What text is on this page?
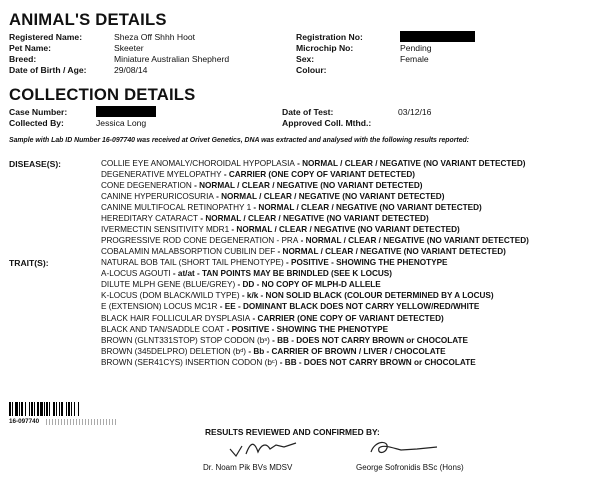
ANIMAL'S DETAILS
Registered Name:	Sheza Off Shhh Hoot
Pet Name:	Skeeter
Breed:	Miniature Australian Shepherd
Date of Birth / Age:	29/08/14
Registration No:
Microchip No:	Pending
Sex:	Female
Colour:
COLLECTION DETAILS
Case Number:
Collected By:	Jessica Long
Date of Test:	03/12/16
Approved Coll. Mthd.:
Sample with Lab ID Number 16-097740 was received at Orivet Genetics, DNA was extracted and analysed with the following results reported:
DISEASE(S):	COLLIE EYE ANOMALY/CHOROIDAL HYPOPLASIA - NORMAL / CLEAR / NEGATIVE (NO VARIANT DETECTED)
DEGENERATIVE MYELOPATHY - CARRIER (ONE COPY OF VARIANT DETECTED)
CONE DEGENERATION - NORMAL / CLEAR / NEGATIVE (NO VARIANT DETECTED)
CANINE HYPERURICOSURIA - NORMAL / CLEAR / NEGATIVE (NO VARIANT DETECTED)
CANINE MULTIFOCAL RETINOPATHY 1 - NORMAL / CLEAR / NEGATIVE (NO VARIANT DETECTED)
HEREDITARY CATARACT - NORMAL / CLEAR / NEGATIVE (NO VARIANT DETECTED)
IVERMECTIN SENSITIVITY MDR1 - NORMAL / CLEAR / NEGATIVE (NO VARIANT DETECTED)
PROGRESSIVE ROD CONE DEGENERATION - PRA - NORMAL / CLEAR / NEGATIVE (NO VARIANT DETECTED)
COBALAMIN MALABSORPTION CUBILIN DEF - NORMAL / CLEAR / NEGATIVE (NO VARIANT DETECTED)
TRAIT(S):	NATURAL BOB TAIL (SHORT TAIL PHENOTYPE) - POSITIVE - SHOWING THE PHENOTYPE
A-LOCUS AGOUTI - at/at - TAN POINTS MAY BE BRINDLED (SEE K LOCUS)
DILUTE MLPH GENE (BLUE/GREY) - DD - NO COPY OF MLPH-D ALLELE
K-LOCUS (DOM BLACK/WILD TYPE) - k/k - NON SOLID BLACK (COLOUR DETERMINED BY A LOCUS)
E (EXTENSION) LOCUS MC1R - EE - DOMINANT BLACK DOES NOT CARRY YELLOW/RED/WHITE
BLACK HAIR FOLLICULAR DYSPLASIA - CARRIER (ONE COPY OF VARIANT DETECTED)
BLACK AND TAN/SADDLE COAT - POSITIVE - SHOWING THE PHENOTYPE
BROWN (GLNT331STOP) STOP CODON (bˢ) - BB - DOES NOT CARRY BROWN or CHOCOLATE
BROWN (345DELPRO) DELETION (bᵈ) - Bb - CARRIER OF BROWN / LIVER / CHOCOLATE
BROWN (SER41CYS) INSERTION CODON (bᶜ) - BB - DOES NOT CARRY BROWN or CHOCOLATE
16-097740
RESULTS REVIEWED AND CONFIRMED BY:
Dr. Noam Pik BVs MDSV	George Sofronidis BSc (Hons)
